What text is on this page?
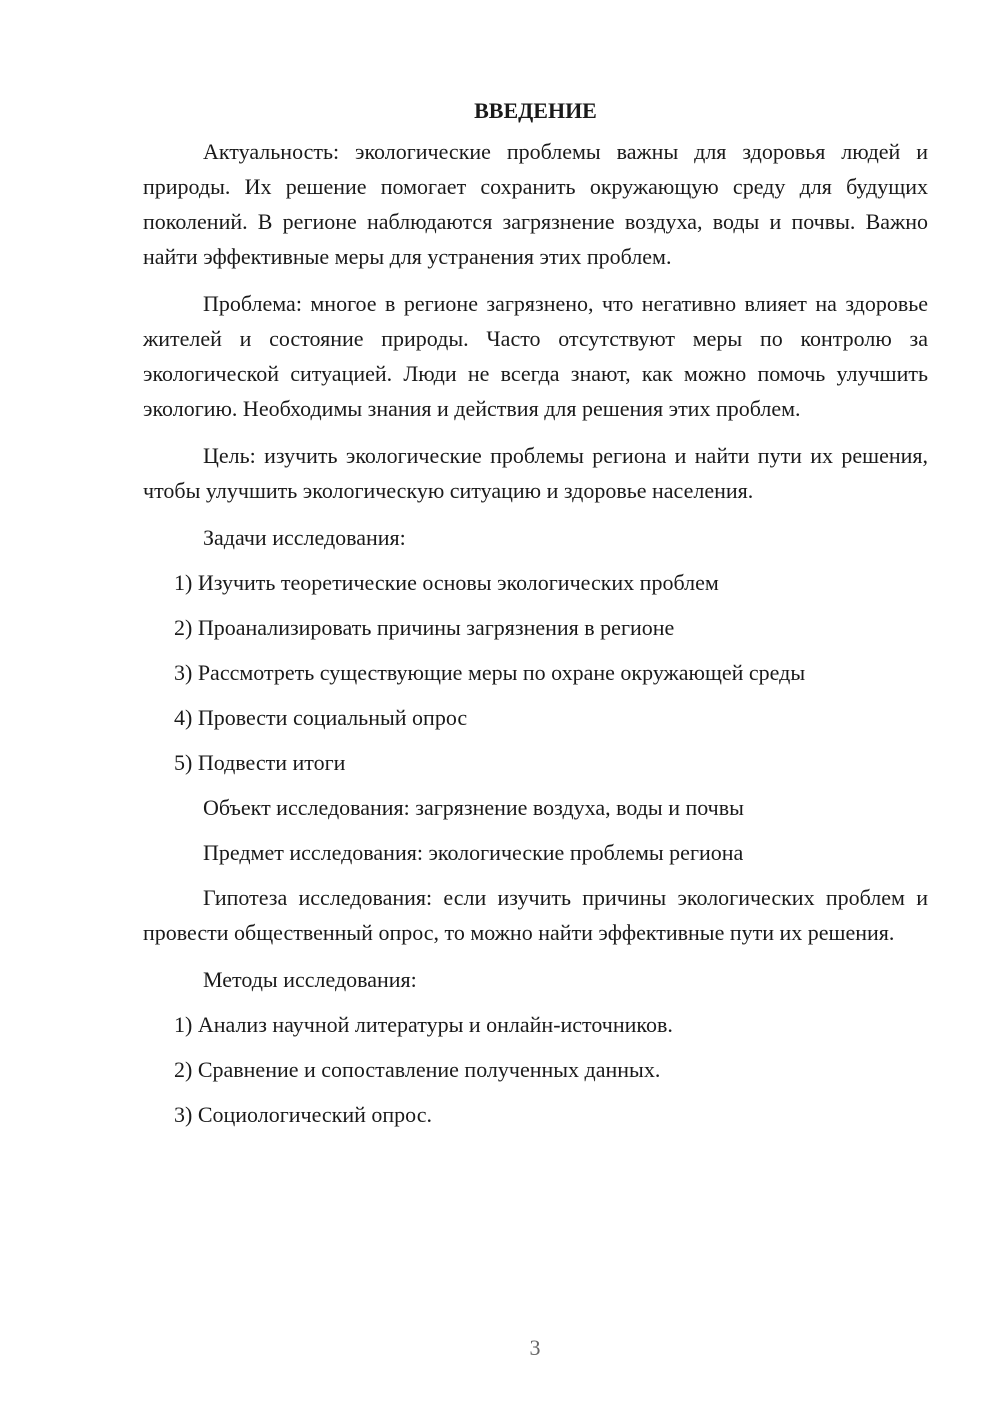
ВВЕДЕНИЕ

Актуальность: экологические проблемы важны для здоровья людей и природы. Их решение помогает сохранить окружающую среду для будущих поколений. В регионе наблюдаются загрязнение воздуха, воды и почвы. Важно найти эффективные меры для устранения этих проблем.

Проблема: многое в регионе загрязнено, что негативно влияет на здоровье жителей и состояние природы. Часто отсутствуют меры по контролю за экологической ситуацией. Люди не всегда знают, как можно помочь улучшить экологию. Необходимы знания и действия для решения этих проблем.

Цель: изучить экологические проблемы региона и найти пути их решения, чтобы улучшить экологическую ситуацию и здоровье населения.

Задачи исследования:

1) Изучить теоретические основы экологических проблем

2) Проанализировать причины загрязнения в регионе

3) Рассмотреть существующие меры по охране окружающей среды

4) Провести социальный опрос

5) Подвести итоги

Объект исследования: загрязнение воздуха, воды и почвы

Предмет исследования: экологические проблемы региона

Гипотеза исследования: если изучить причины экологических проблем и провести общественный опрос, то можно найти эффективные пути их решения.

Методы исследования:

1) Анализ научной литературы и онлайн-источников.

2) Сравнение и сопоставление полученных данных.

3) Социологический опрос.

3
